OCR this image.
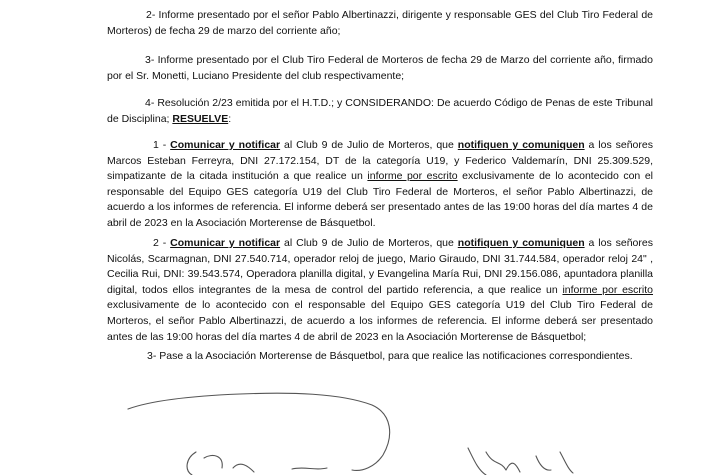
2- Informe presentado por el señor Pablo Albertinazzi, dirigente y responsable GES del Club Tiro Federal de Morteros) de fecha 29 de marzo del corriente año;

3- Informe presentado por el Club Tiro Federal de Morteros de fecha 29 de Marzo del corriente año, firmado por el Sr. Monetti, Luciano Presidente del club respectivamente;

4- Resolución 2/23 emitida por el H.T.D.; y CONSIDERANDO: De acuerdo Código de Penas de este Tribunal de Disciplina; RESUELVE:

1 - Comunicar y notificar al Club 9 de Julio de Morteros, que notifiquen y comuniquen a los señores Marcos Esteban Ferreyra, DNI 27.172.154, DT de la categoría U19, y Federico Valdemarín, DNI 25.309.529, simpatizante de la citada institución a que realice un informe por escrito exclusivamente de lo acontecido con el responsable del Equipo GES categoría U19 del Club Tiro Federal de Morteros, el señor Pablo Albertinazzi, de acuerdo a los informes de referencia. El informe deberá ser presentado antes de las 19:00 horas del día martes 4 de abril de 2023 en la Asociación Morterense de Básquetbol.

2 - Comunicar y notificar al Club 9 de Julio de Morteros, que notifiquen y comuniquen a los señores Nicolás, Scarmagnan, DNI 27.540.714, operador reloj de juego, Mario Giraudo, DNI 31.744.584, operador reloj 24" , Cecilia Rui, DNI: 39.543.574, Operadora planilla digital, y Evangelina María Rui, DNI 29.156.086, apuntadora planilla digital, todos ellos integrantes de la mesa de control del partido referencia, a que realice un informe por escrito exclusivamente de lo acontecido con el responsable del Equipo GES categoría U19 del Club Tiro Federal de Morteros, el señor Pablo Albertinazzi, de acuerdo a los informes de referencia. El informe deberá ser presentado antes de las 19:00 horas del día martes 4 de abril de 2023 en la Asociación Morterense de Básquetbol;

3- Pase a la Asociación Morterense de Básquetbol, para que realice las notificaciones correspondientes.
